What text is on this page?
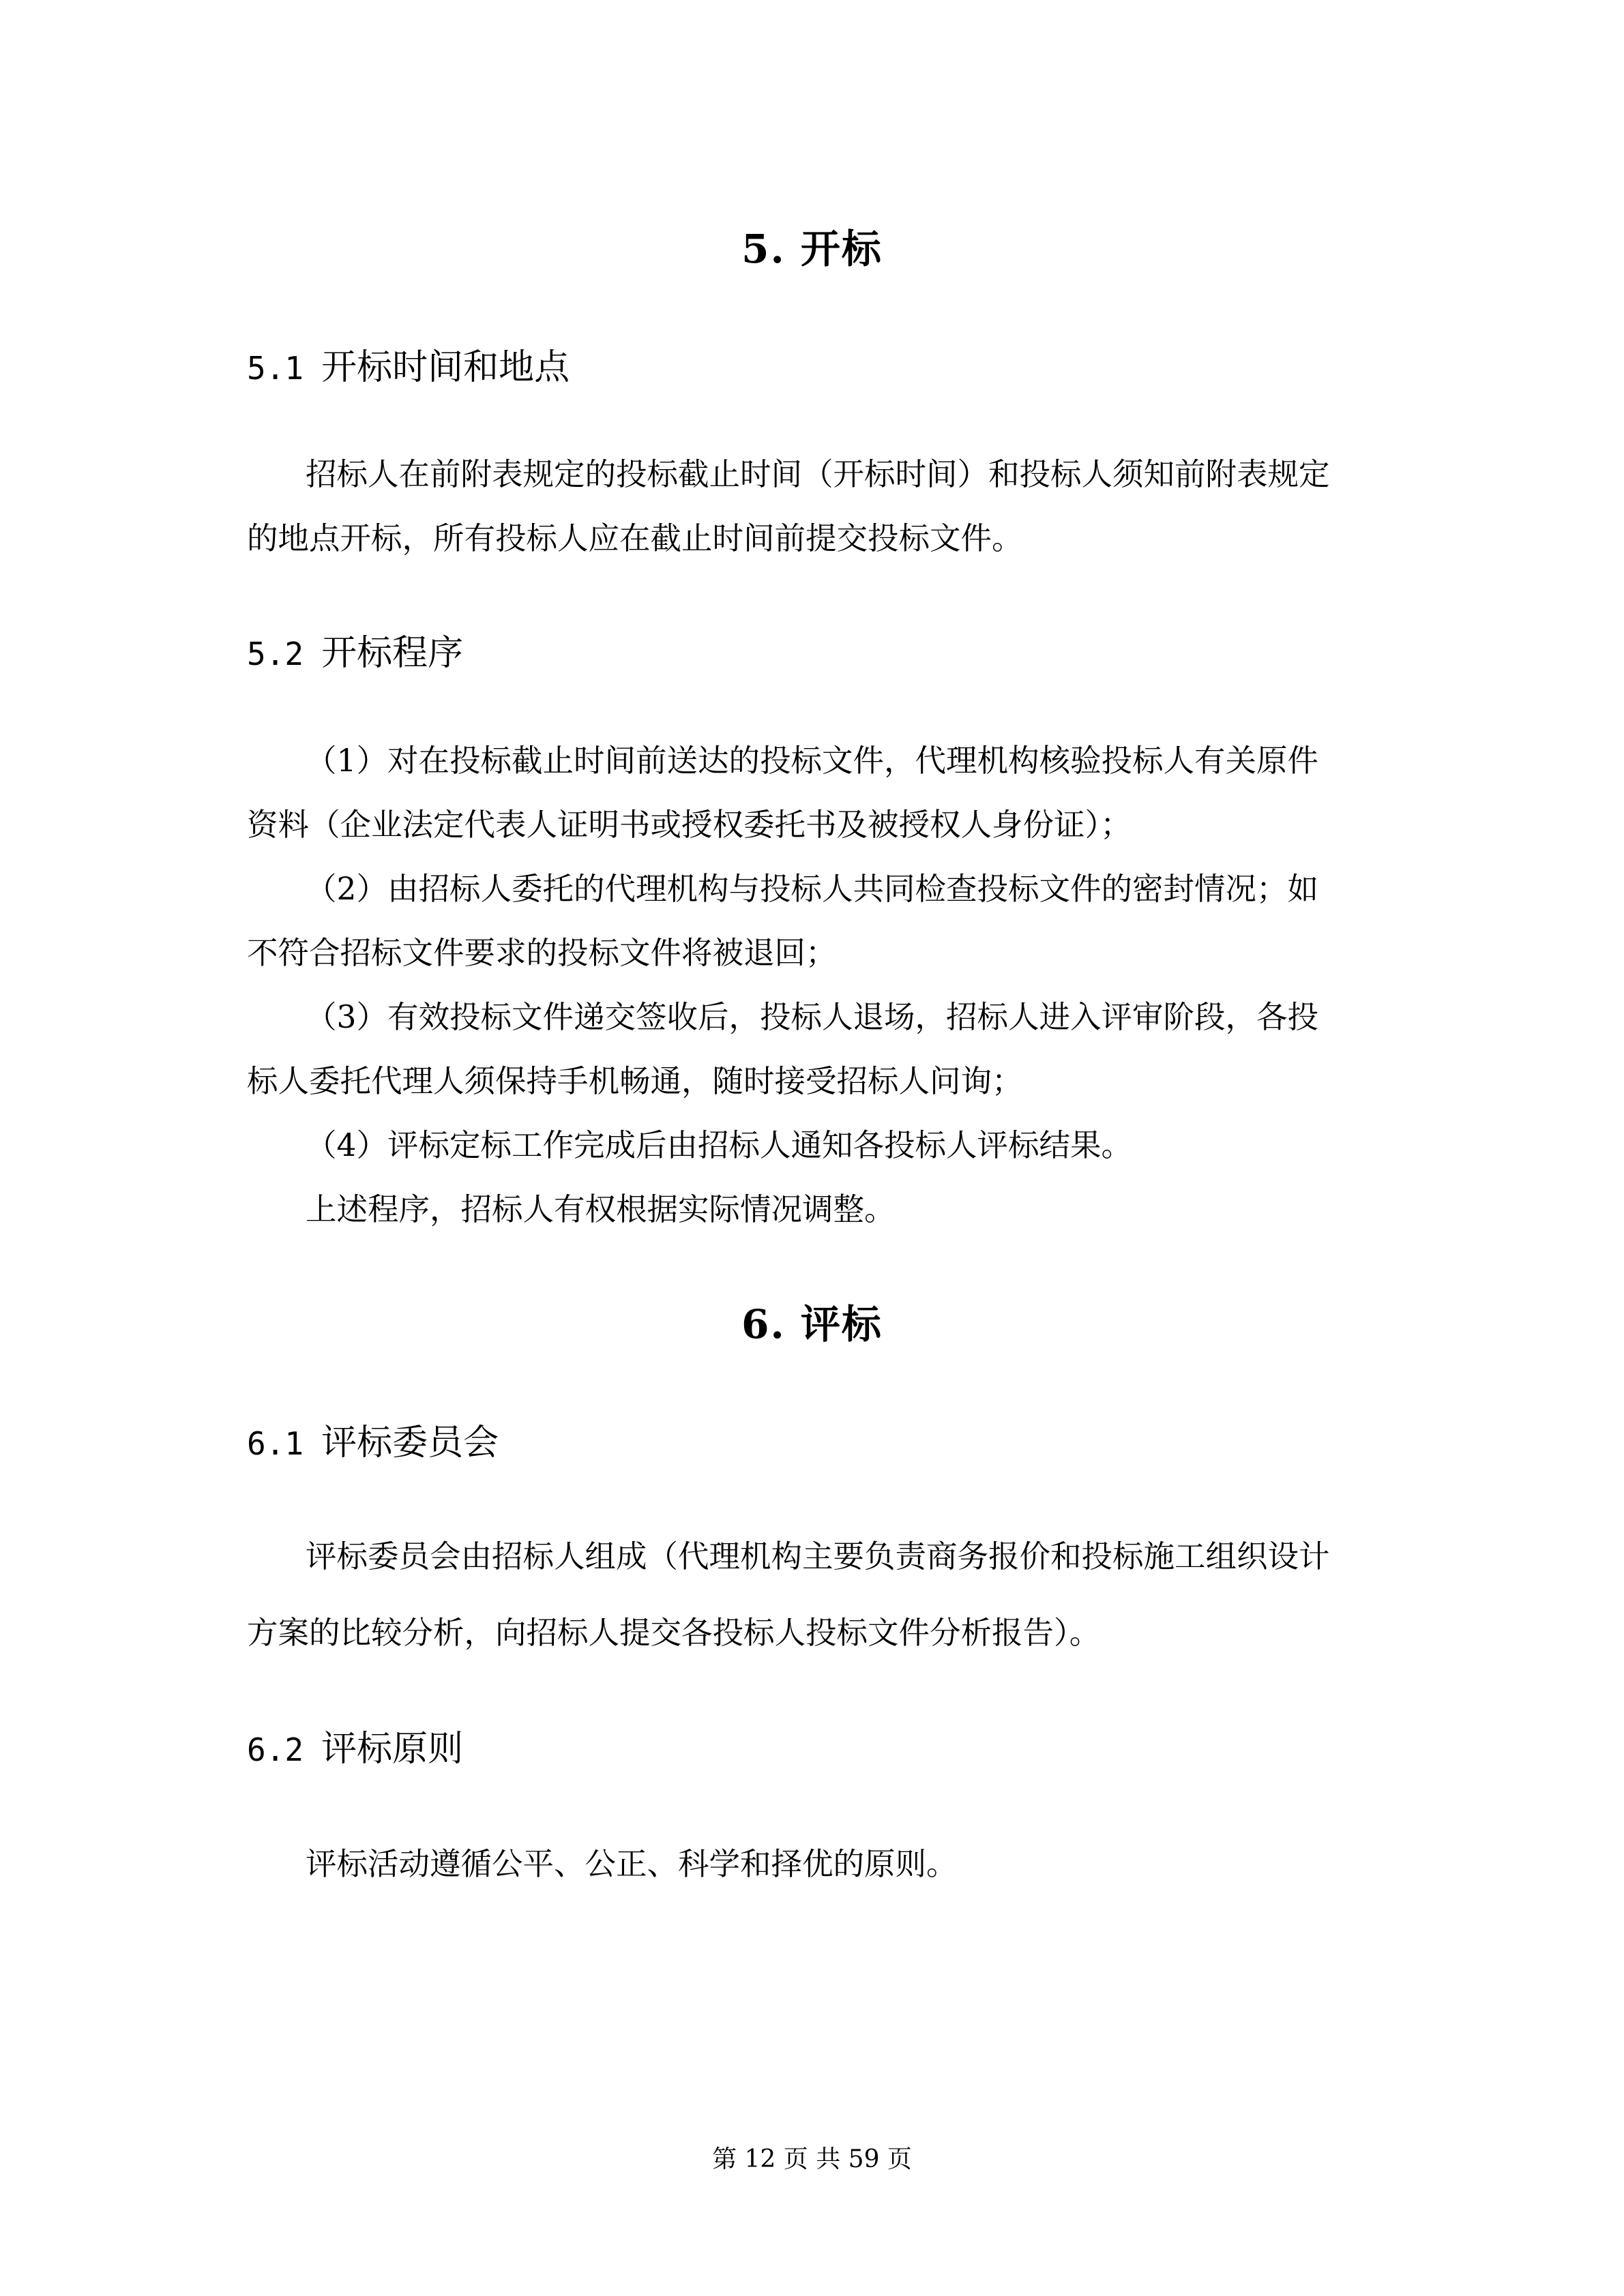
5. 开标
5.1 开标时间和地点
招标人在前附表规定的投标截止时间（开标时间）和投标人须知前附表规定
的地点开标，所有投标人应在截止时间前提交投标文件。
5.2 开标程序
（1）对在投标截止时间前送达的投标文件，代理机构核验投标人有关原件
资料（企业法定代表人证明书或授权委托书及被授权人身份证）；
（2）由招标人委托的代理机构与投标人共同检查投标文件的密封情况；如
不符合招标文件要求的投标文件将被退回；
（3）有效投标文件递交签收后，投标人退场，招标人进入评审阶段，各投
标人委托代理人须保持手机畅通，随时接受招标人问询；
（4）评标定标工作完成后由招标人通知各投标人评标结果。
上述程序，招标人有权根据实际情况调整。
6. 评标
6.1 评标委员会
评标委员会由招标人组成（代理机构主要负责商务报价和投标施工组织设计
方案的比较分析，向招标人提交各投标人投标文件分析报告）。
6.2 评标原则
评标活动遵循公平、公正、科学和择优的原则。
第 12 页 共 59 页
